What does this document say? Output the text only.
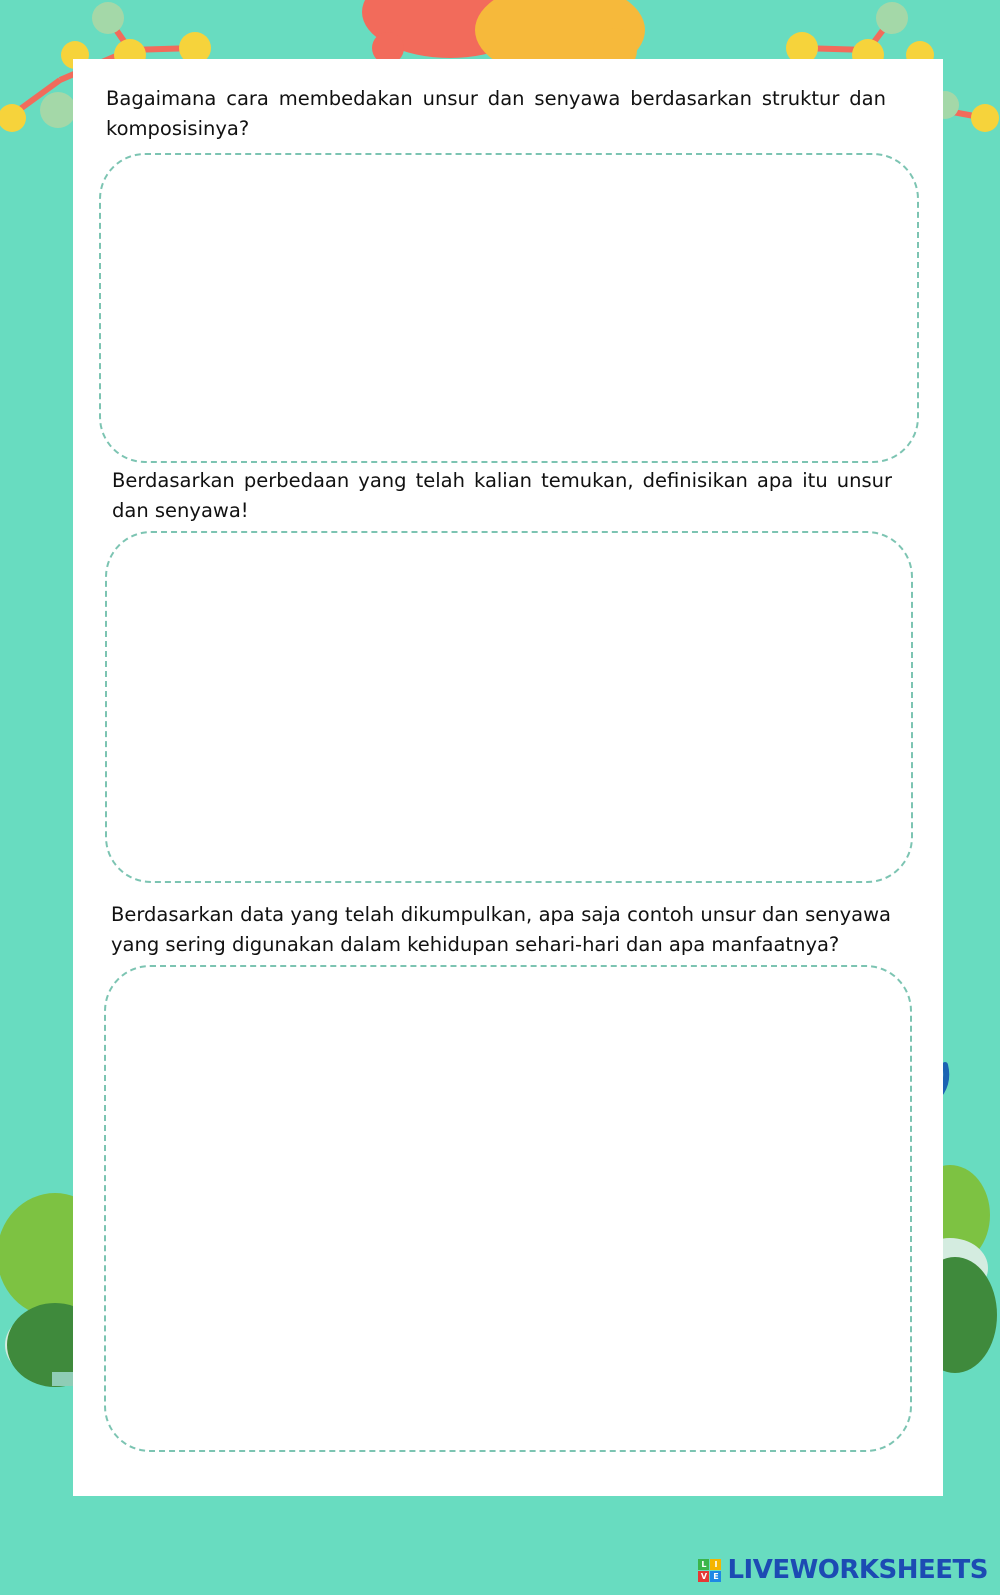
Bagaimana cara membedakan unsur dan senyawa berdasarkan struktur dan komposisinya?

Berdasarkan perbedaan yang telah kalian temukan, definisikan apa itu unsur dan senyawa!

Berdasarkan data yang telah dikumpulkan, apa saja contoh unsur dan senyawa yang sering digunakan dalam kehidupan sehari-hari dan apa manfaatnya?

L I
V E LIVEWORKSHEETS
